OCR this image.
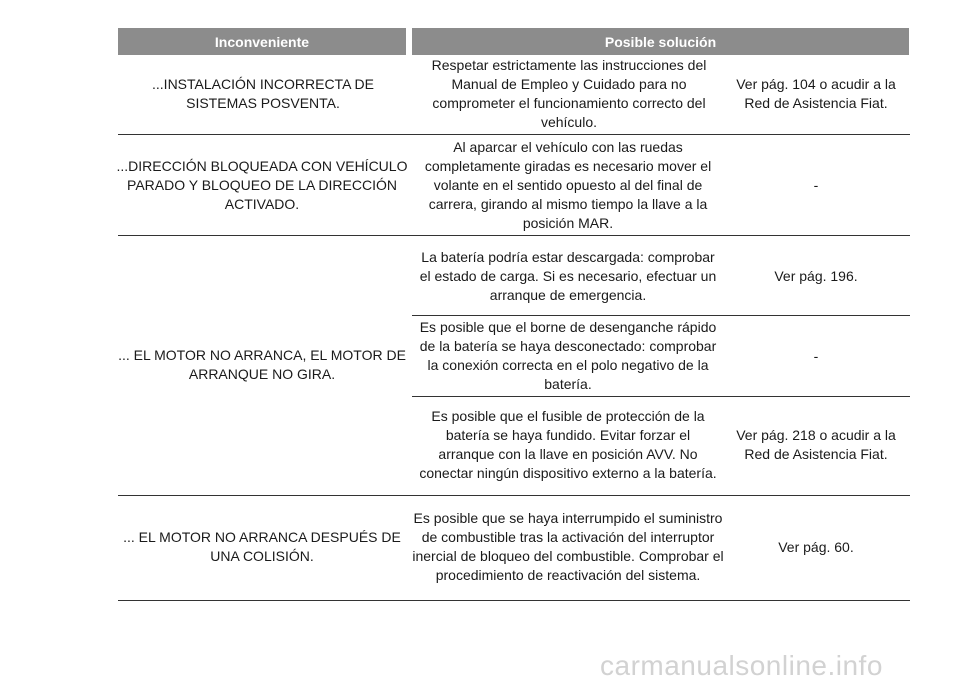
Inconveniente	Posible solución
...INSTALACIÓN INCORRECTA DE SISTEMAS POSVENTA.
Respetar estrictamente las instrucciones del Manual de Empleo y Cuidado para no comprometer el funcionamiento correcto del vehículo.
Ver pág. 104 o acudir a la Red de Asistencia Fiat.
...DIRECCIÓN BLOQUEADA CON VEHÍCULO PARADO Y BLOQUEO DE LA DIRECCIÓN ACTIVADO.
Al aparcar el vehículo con las ruedas completamente giradas es necesario mover el volante en el sentido opuesto al del final de carrera, girando al mismo tiempo la llave a la posición MAR.
-
... EL MOTOR NO ARRANCA, EL MOTOR DE ARRANQUE NO GIRA.
La batería podría estar descargada: comprobar el estado de carga. Si es necesario, efectuar un arranque de emergencia.
Ver pág. 196.
Es posible que el borne de desenganche rápido de la batería se haya desconectado: comprobar la conexión correcta en el polo negativo de la batería.
-
Es posible que el fusible de protección de la batería se haya fundido. Evitar forzar el arranque con la llave en posición AVV. No conectar ningún dispositivo externo a la batería.
Ver pág. 218 o acudir a la Red de Asistencia Fiat.
... EL MOTOR NO ARRANCA DESPUÉS DE UNA COLISIÓN.
Es posible que se haya interrumpido el suministro de combustible tras la activación del interruptor inercial de bloqueo del combustible. Comprobar el procedimiento de reactivación del sistema.
Ver pág. 60.
carmanualsonline.info
